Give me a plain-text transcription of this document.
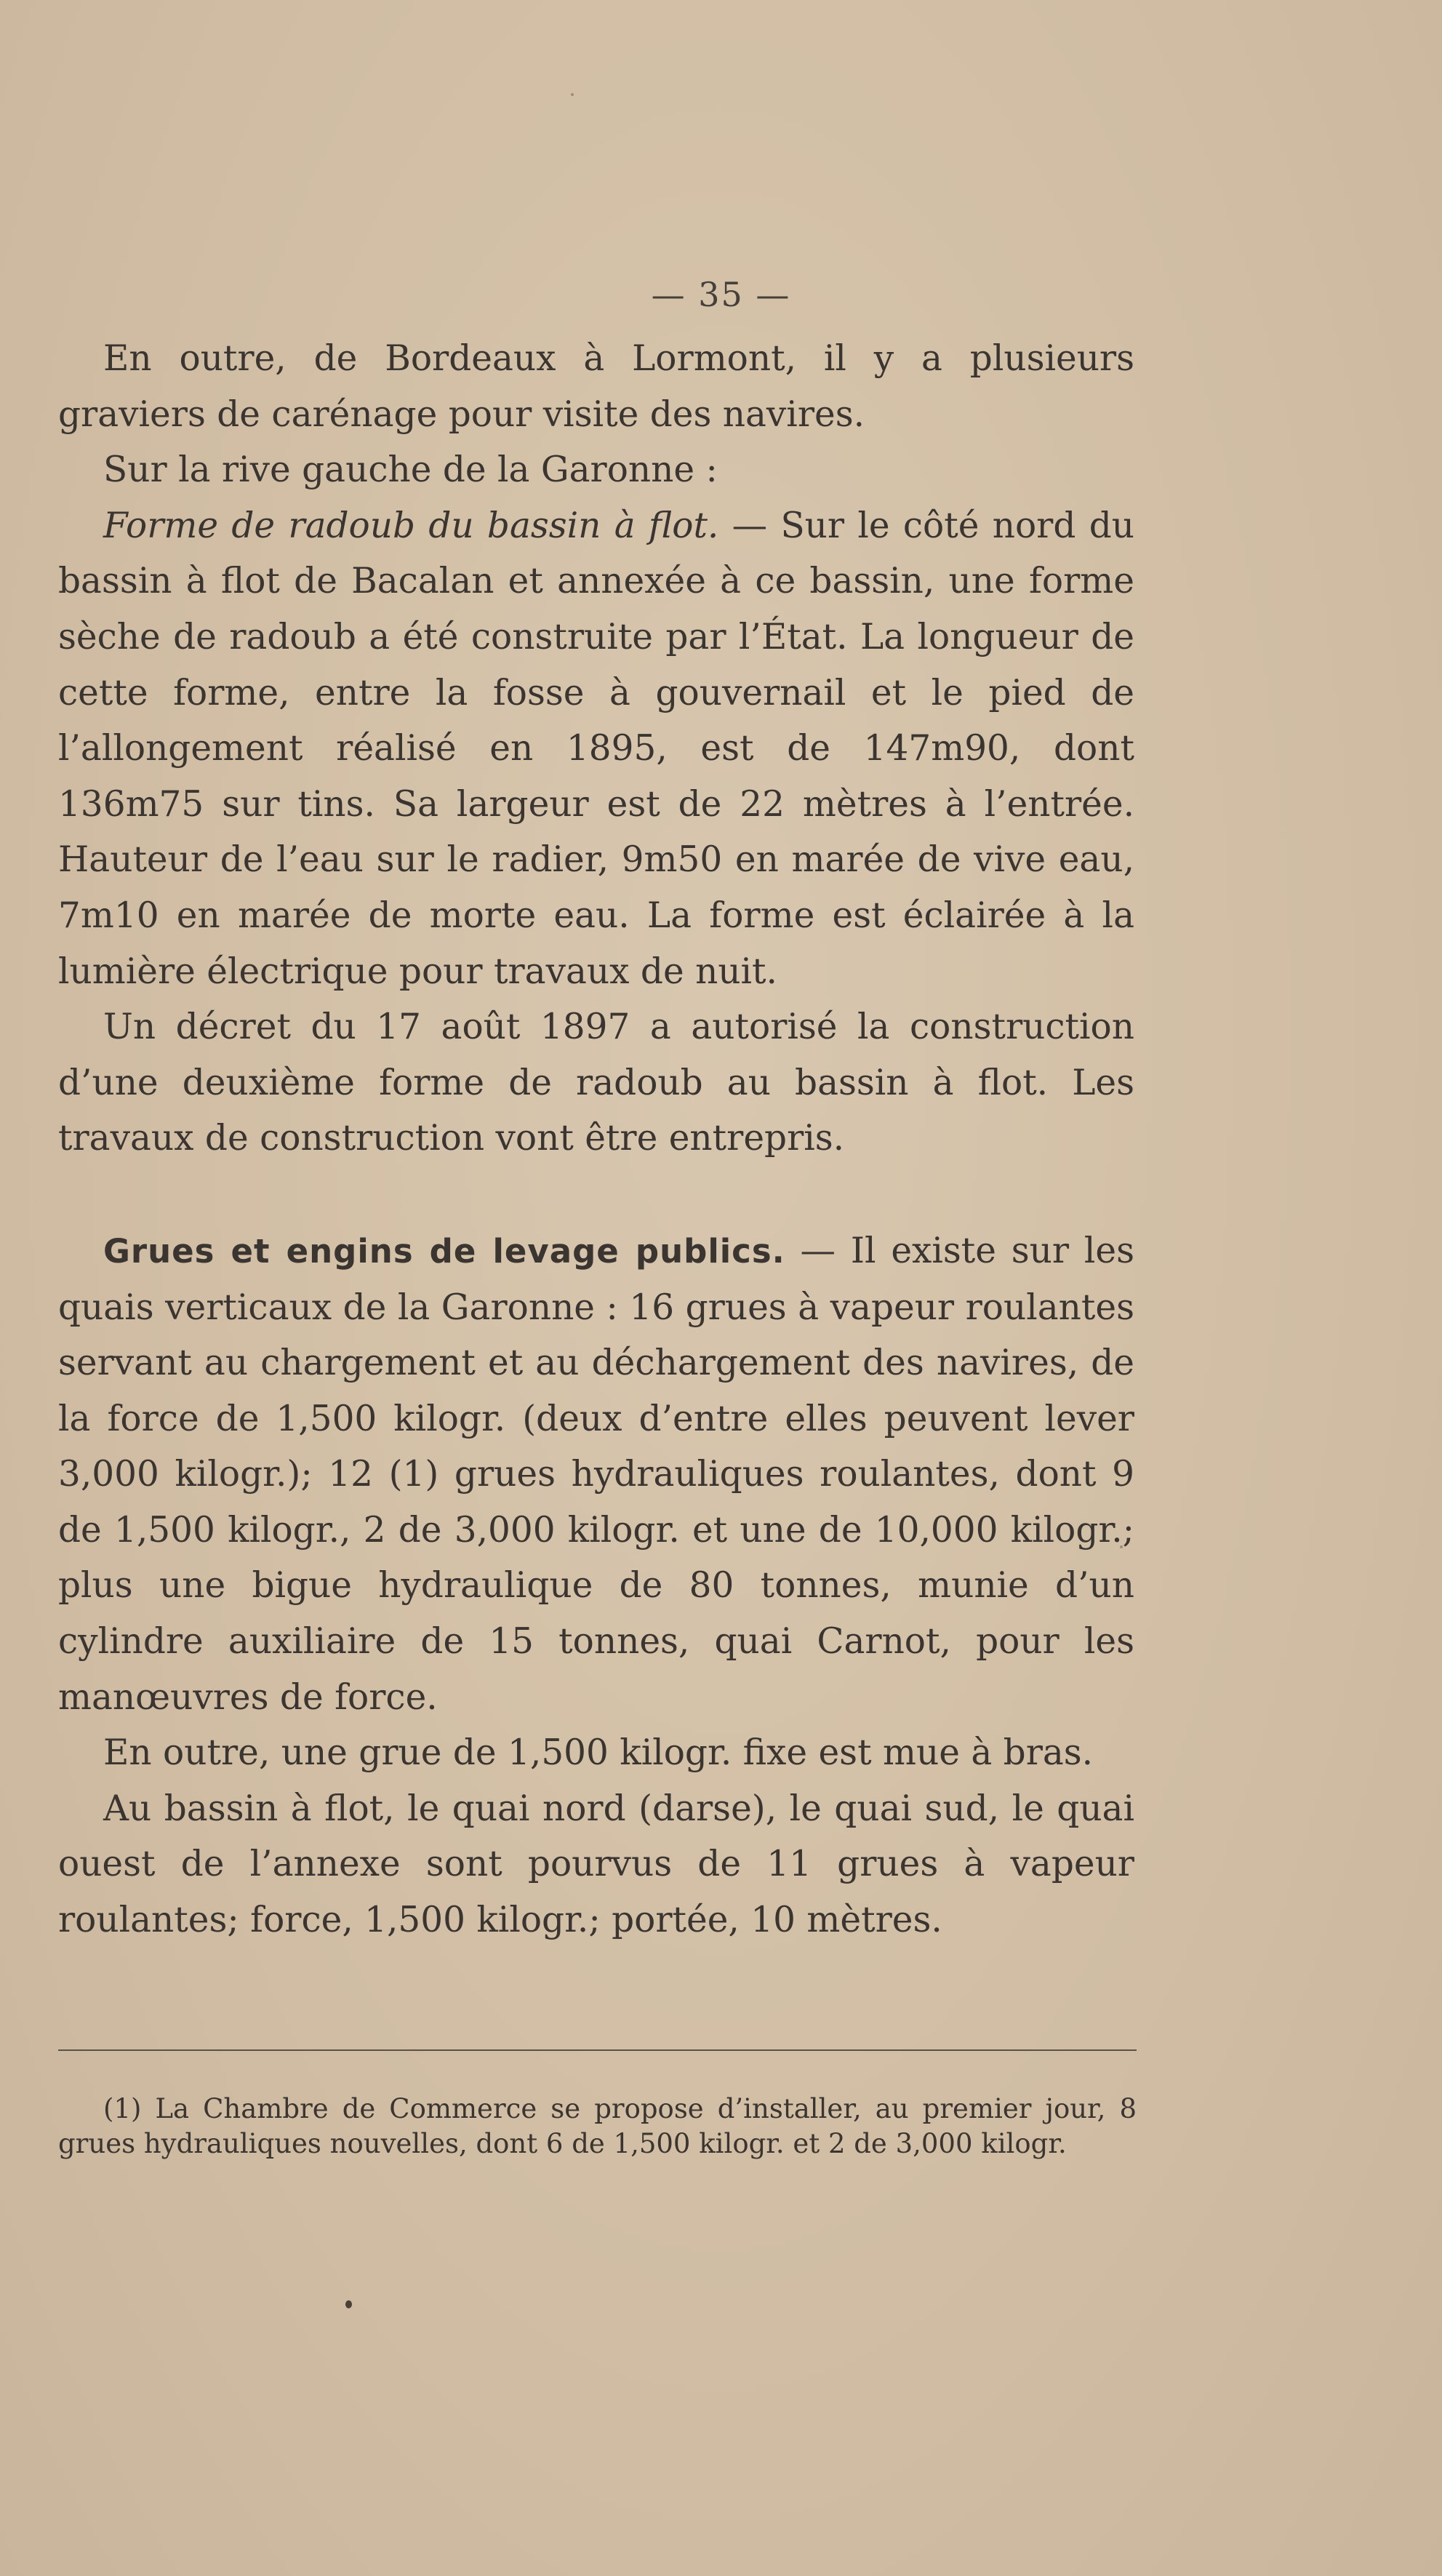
— 35 —

En outre, de Bordeaux à Lormont, il y a plusieurs graviers de carénage pour visite des navires.

Sur la rive gauche de la Garonne :

Forme de radoub du bassin à flot. — Sur le côté nord du bassin à flot de Bacalan et annexée à ce bassin, une forme sèche de radoub a été construite par l’État. La longueur de cette forme, entre la fosse à gouvernail et le pied de l’allongement réalisé en 1895, est de 147m90, dont 136m75 sur tins. Sa largeur est de 22 mètres à l’entrée. Hauteur de l’eau sur le radier, 9m50 en marée de vive eau, 7m10 en marée de morte eau. La forme est éclairée à la lumière électrique pour travaux de nuit.

Un décret du 17 août 1897 a autorisé la construction d’une deuxième forme de radoub au bassin à flot. Les travaux de construction vont être entrepris.

Grues et engins de levage publics. — Il existe sur les quais verticaux de la Garonne : 16 grues à vapeur roulantes servant au chargement et au déchargement des navires, de la force de 1,500 kilogr. (deux d’entre elles peuvent lever 3,000 kilogr.); 12 (1) grues hydrauliques roulantes, dont 9 de 1,500 kilogr., 2 de 3,000 kilogr. et une de 10,000 kilogr.; plus une bigue hydraulique de 80 tonnes, munie d’un cylindre auxiliaire de 15 tonnes, quai Carnot, pour les manœuvres de force.

En outre, une grue de 1,500 kilogr. fixe est mue à bras.

Au bassin à flot, le quai nord (darse), le quai sud, le quai ouest de l’annexe sont pourvus de 11 grues à vapeur roulantes; force, 1,500 kilogr.; portée, 10 mètres.

(1) La Chambre de Commerce se propose d’installer, au premier jour, 8 grues hydrauliques nouvelles, dont 6 de 1,500 kilogr. et 2 de 3,000 kilogr.
